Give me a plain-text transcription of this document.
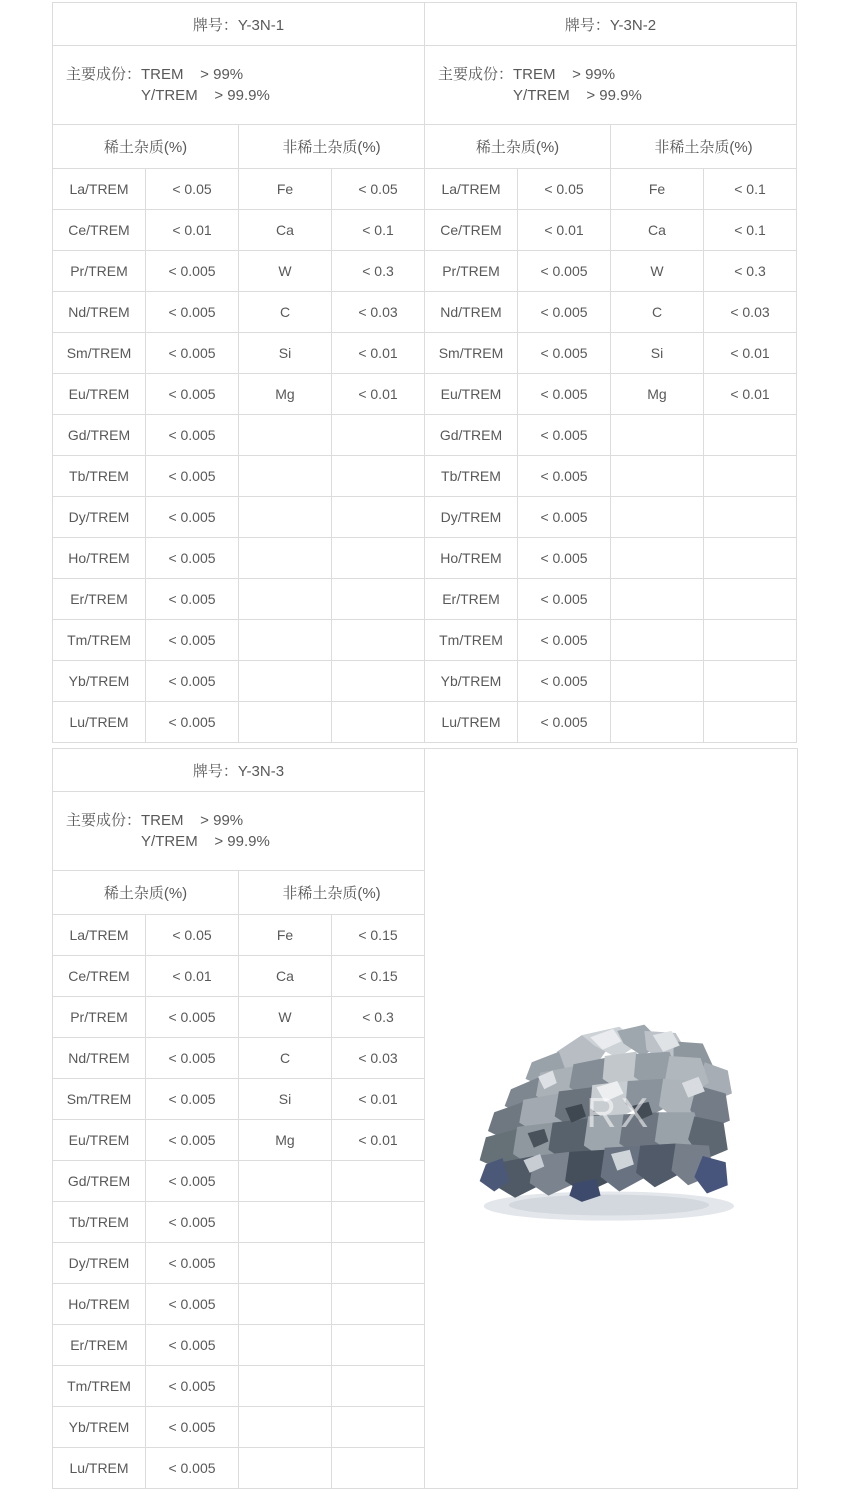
牌号：Y-3N-1			

主要成份： TREM    > 99%
Y/TREM    > 99.9%			

稀土杂质(%)		非稀土杂质(%)	
La/TREM	< 0.05	Fe	< 0.05
Ce/TREM	< 0.01	Ca	< 0.1
Pr/TREM	< 0.005	W	< 0.3
Nd/TREM	< 0.005	C	< 0.03
Sm/TREM	< 0.005	Si	< 0.01
Eu/TREM	< 0.005	Mg	< 0.01
Gd/TREM	< 0.005		
Tb/TREM	< 0.005		
Dy/TREM	< 0.005		
Ho/TREM	< 0.005		
Er/TREM	< 0.005		
Tm/TREM	< 0.005		
Yb/TREM	< 0.005		
Lu/TREM	< 0.005		
牌号：Y-3N-2			

主要成份： TREM    > 99%
Y/TREM    > 99.9%			

稀土杂质(%)		非稀土杂质(%)	
La/TREM	< 0.05	Fe	< 0.1
Ce/TREM	< 0.01	Ca	< 0.1
Pr/TREM	< 0.005	W	< 0.3
Nd/TREM	< 0.005	C	< 0.03
Sm/TREM	< 0.005	Si	< 0.01
Eu/TREM	< 0.005	Mg	< 0.01
Gd/TREM	< 0.005		
Tb/TREM	< 0.005		
Dy/TREM	< 0.005		
Ho/TREM	< 0.005		
Er/TREM	< 0.005		
Tm/TREM	< 0.005		
Yb/TREM	< 0.005		
Lu/TREM	< 0.005		
牌号：Y-3N-3			

主要成份： TREM    > 99%
Y/TREM    > 99.9%			

稀土杂质(%)		非稀土杂质(%)	
La/TREM	< 0.05	Fe	< 0.15
Ce/TREM	< 0.01	Ca	< 0.15
Pr/TREM	< 0.005	W	< 0.3
Nd/TREM	< 0.005	C	< 0.03
Sm/TREM	< 0.005	Si	< 0.01
Eu/TREM	< 0.005	Mg	< 0.01
Gd/TREM	< 0.005		
Tb/TREM	< 0.005		
Dy/TREM	< 0.005		
Ho/TREM	< 0.005		
Er/TREM	< 0.005		
Tm/TREM	< 0.005		
Yb/TREM	< 0.005		
Lu/TREM	< 0.005		
RX
